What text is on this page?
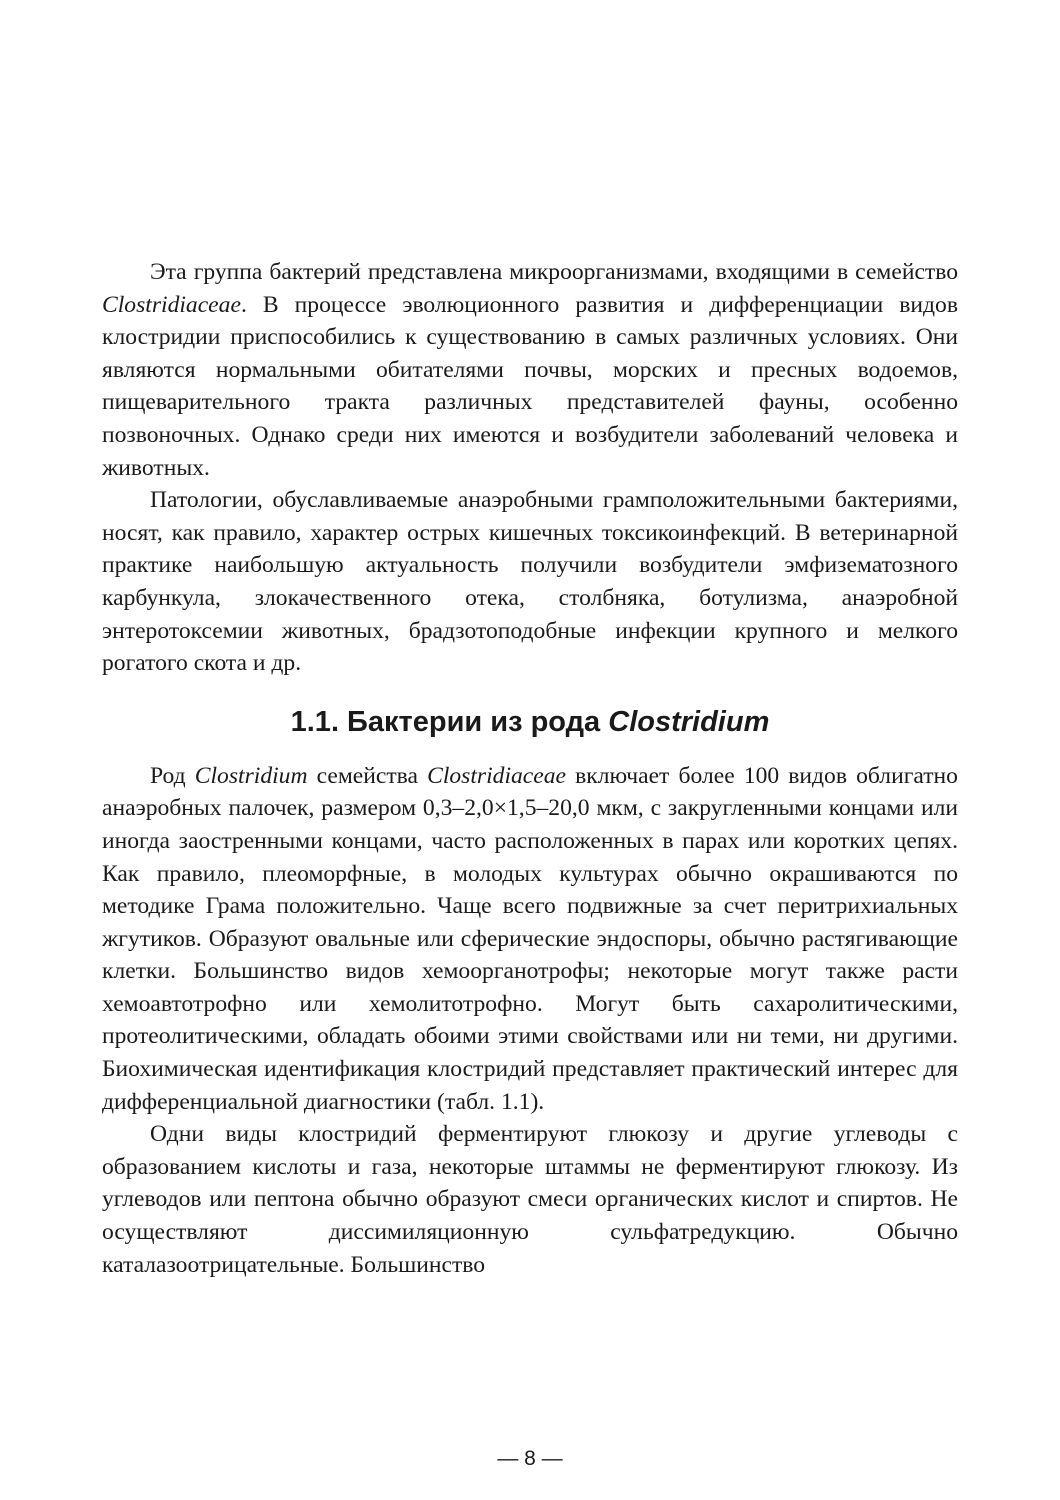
Эта группа бактерий представлена микроорганизмами, входящими в семейство Clostridiaceae. В процессе эволюционного развития и дифференциации видов клостридии приспособились к существованию в самых различных условиях. Они являются нормальными обитателями почвы, морских и пресных водоемов, пищеварительного тракта различных представителей фауны, особенно позвоночных. Однако среди них имеются и возбудители заболеваний человека и животных.

Патологии, обуславливаемые анаэробными грамположительными бактериями, носят, как правило, характер острых кишечных токсикоинфекций. В ветеринарной практике наибольшую актуальность получили возбудители эмфизематозного карбункула, злокачественного отека, столбняка, ботулизма, анаэробной энтеротоксемии животных, брадзотоподобные инфекции крупного и мелкого рогатого скота и др.

1.1. Бактерии из рода Clostridium

Род Clostridium семейства Clostridiaceae включает более 100 видов облигатно анаэробных палочек, размером 0,3–2,0×1,5–20,0 мкм, с закругленными концами или иногда заостренными концами, часто расположенных в парах или коротких цепях. Как правило, плеоморфные, в молодых культурах обычно окрашиваются по методике Грама положительно. Чаще всего подвижные за счет перитрихиальных жгутиков. Образуют овальные или сферические эндоспоры, обычно растягивающие клетки. Большинство видов хемоорганотрофы; некоторые могут также расти хемоавтотрофно или хемолитотрофно. Могут быть сахаролитическими, протеолитическими, обладать обоими этими свойствами или ни теми, ни другими. Биохимическая идентификация клостридий представляет практический интерес для дифференциальной диагностики (табл. 1.1).

Одни виды клостридий ферментируют глюкозу и другие углеводы с образованием кислоты и газа, некоторые штаммы не ферментируют глюкозу. Из углеводов или пептона обычно образуют смеси органических кислот и спиртов. Не осуществляют диссимиляционную сульфатредукцию. Обычно каталазоотрицательные. Большинство

— 8 —
